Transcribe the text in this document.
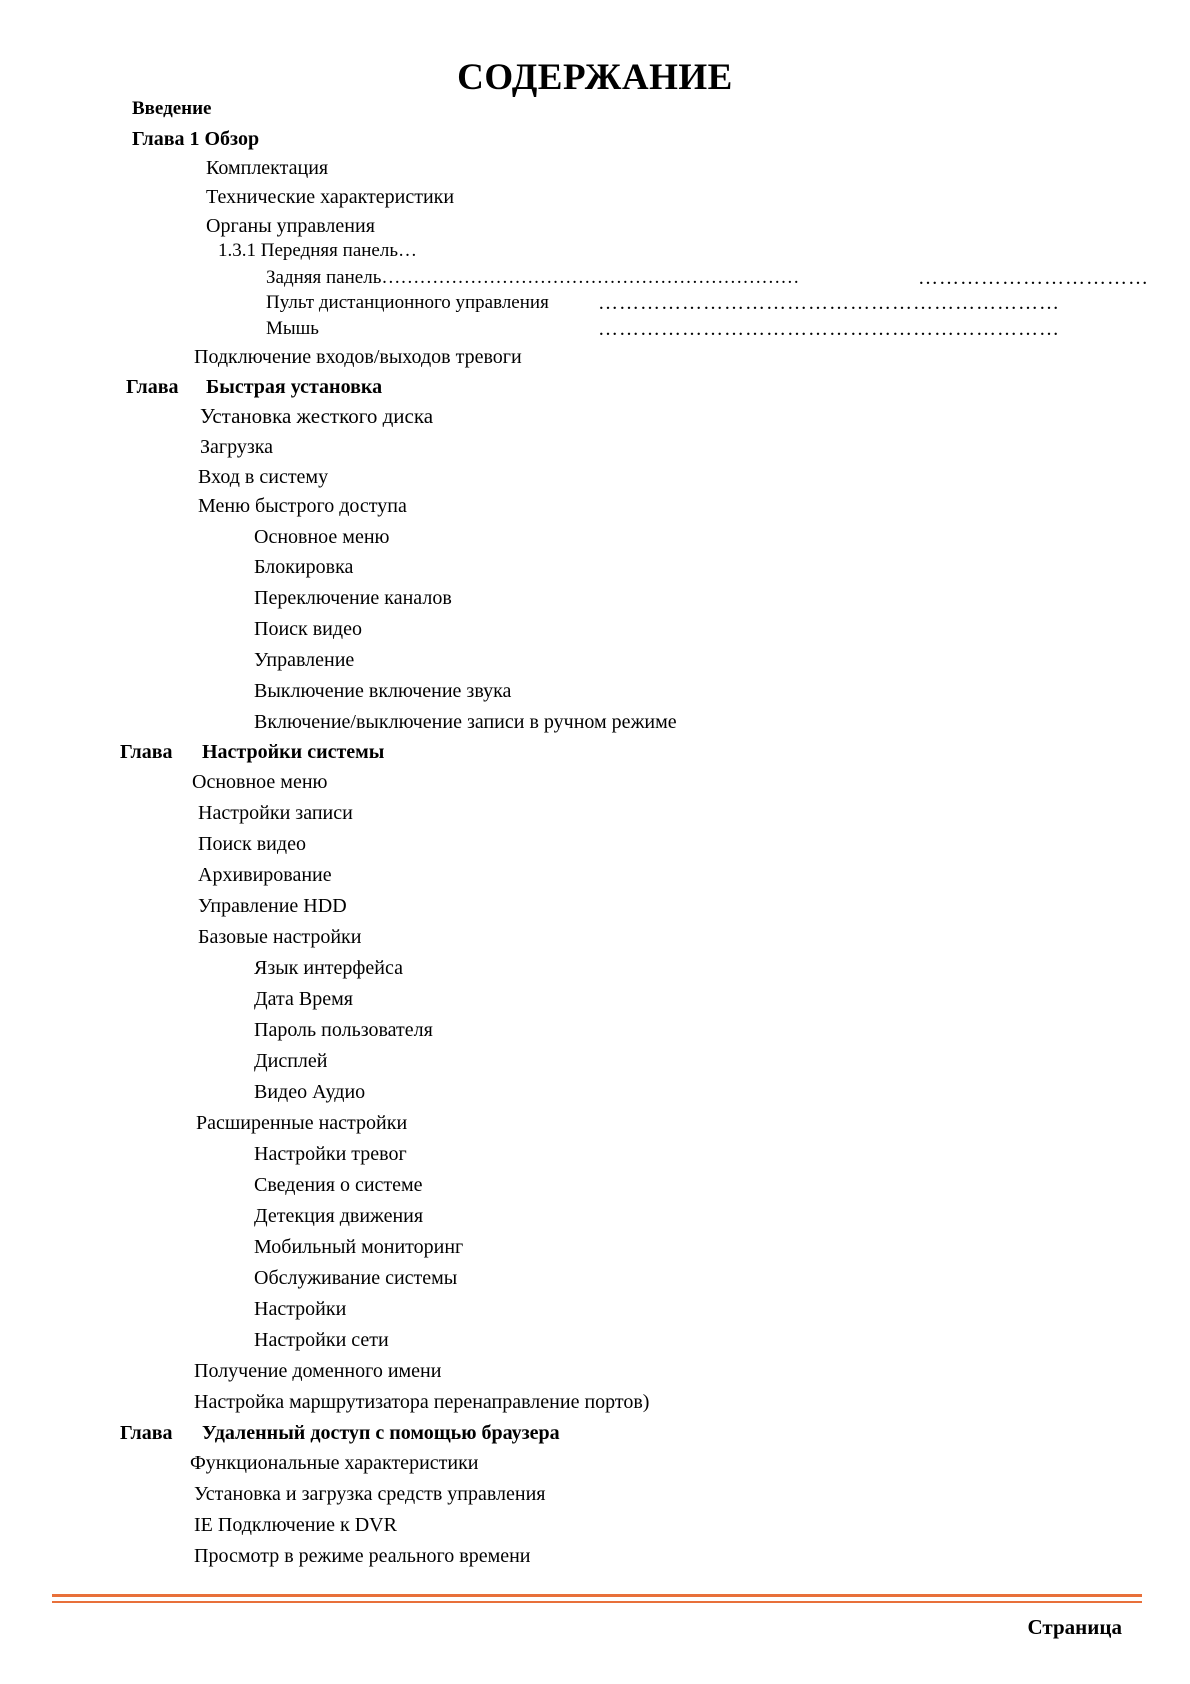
СОДЕРЖАНИЕ
Введение
Глава 1 Обзор
Комплектация
Технические характеристики
Органы управления
1.3.1 Передняя панель…
Задняя панель…………………………………………………………	……………………………
Пульт дистанционного управления …………………………………………………………
Мышь	…………………………………………………………
Подключение входов/выходов тревоги
Глава Быстрая установка
Установка жесткого диска
Загрузка
Вход в систему
Меню быстрого доступа
Основное меню
Блокировка
Переключение каналов
Поиск видео
Управление
Выключение включение звука
Включение/выключение записи в ручном режиме
Глава Настройки системы
Основное меню
Настройки записи
Поиск видео
Архивирование
Управление HDD
Базовые настройки
Язык интерфейса
Дата Время
Пароль пользователя
Дисплей
Видео Аудио
Расширенные настройки
Настройки тревог
Сведения о системе
Детекция движения
Мобильный мониторинг
Обслуживание системы
Настройки
Настройки сети
Получение доменного имени
Настройка маршрутизатора перенаправление портов)
Глава Удаленный доступ с помощью браузера
Функциональные характеристики
Установка и загрузка средств управления
IE Подключение к DVR
Просмотр в режиме реального времени
Страница
